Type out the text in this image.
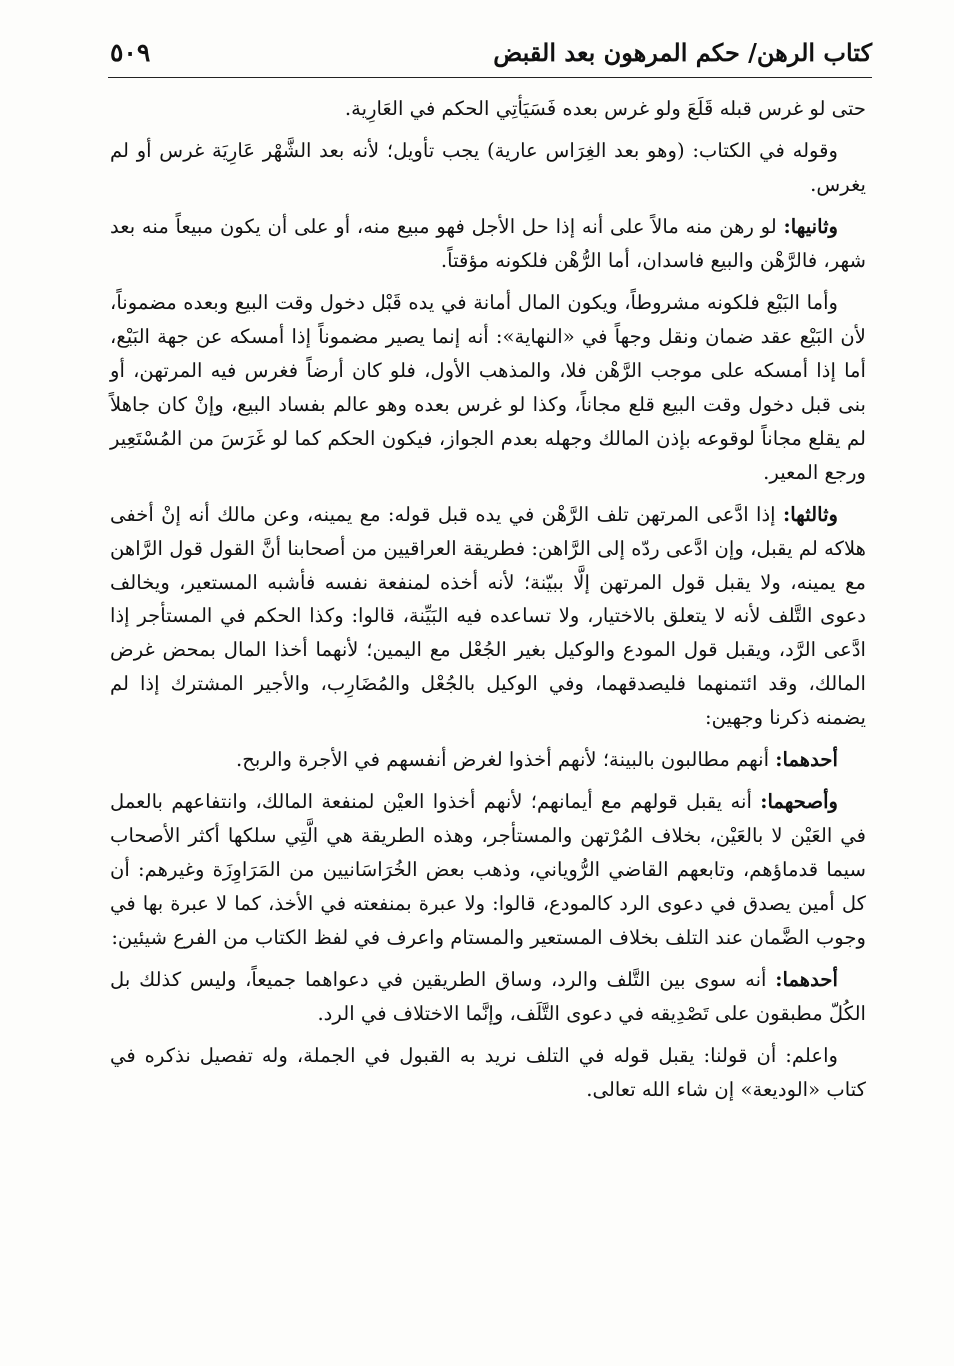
كتاب الرهن/ حكم المرهون بعد القبض
٥٠٩

حتى لو غرس قبله قَلَعَ ولو غرس بعده فَسَيَأتِي الحكم في العَارِية.

وقوله في الكتاب: (وهو بعد الغِرَاس عارية) يجب تأويل؛ لأنه بعد الشَّهْر عَارِيَة غرس أو لم يغرس.

وثانيها: لو رهن منه مالاً على أنه إذا حل الأجل فهو مبيع منه، أو على أن يكون مبيعاً منه بعد شهر، فالرَّهْن والبيع فاسدان، أما الرُّهْن فلكونه مؤقتاً.

وأما البَيْع فلكونه مشروطاً، ويكون المال أمانة في يده قَبْل دخول وقت البيع وبعده مضموناً، لأن البَيْع عقد ضمان ونقل وجهاً في «النهاية»: أنه إنما يصير مضموناً إذا أمسكه عن جهة البَيْع، أما إذا أمسكه على موجب الرَّهْن فلا، والمذهب الأول، فلو كان أرضاً فغرس فيه المرتهن، أو بنى قبل دخول وقت البيع قلع مجاناً، وكذا لو غرس بعده وهو عالم بفساد البيع، وإنْ كان جاهلاً لم يقلع مجاناً لوقوعه بإذن المالك وجهله بعدم الجواز، فيكون الحكم كما لو غَرَسَ من المُسْتَعِير ورجع المعير.

وثالثها: إذا ادَّعى المرتهن تلف الرَّهْن في يده قبل قوله: مع يمينه، وعن مالك أنه إنْ أخفى هلاكه لم يقبل، وإن ادَّعى ردّه إلى الرَّاهن: فطريقة العراقيين من أصحابنا أنَّ القول قول الرَّاهن مع يمينه، ولا يقبل قول المرتهن إلَّا ببيّنة؛ لأنه أخذه لمنفعة نفسه فأشبه المستعير، ويخالف دعوى التَّلف لأنه لا يتعلق بالاختيار، ولا تساعده فيه البَيِّنة، قالوا: وكذا الحكم في المستأجر إذا ادَّعى الرَّد، ويقبل قول المودع والوكيل بغير الجُعْل مع اليمين؛ لأنهما أخذا المال بمحض غرض المالك، وقد ائتمنهما فليصدقهما، وفي الوكيل بالجُعْل والمُضَارِب، والأجير المشترك إذا لم يضمنه ذكرنا وجهين:

أحدهما: أنهم مطالبون بالبينة؛ لأنهم أخذوا لغرض أنفسهم في الأجرة والربح.

وأصحهما: أنه يقبل قولهم مع أيمانهم؛ لأنهم أخذوا العيْن لمنفعة المالك، وانتفاعهم بالعمل في العَيْن لا بالعَيْن، بخلاف المُرْتهن والمستأجر، وهذه الطريقة هي الَّتِي سلكها أكثر الأصحاب سيما قدماؤهم، وتابعهم القاضي الرُّوياني، وذهب بعض الخُرَاسَانيين من المَرَاوِزَة وغيرهم: أن كل أمين يصدق في دعوى الرد كالمودع، قالوا: ولا عبرة بمنفعته في الأخذ، كما لا عبرة بها في وجوب الضَّمان عند التلف بخلاف المستعير والمستام واعرف في لفظ الكتاب من الفرع شيئين:

أحدهما: أنه سوى بين التَّلف والرد، وساق الطريقين في دعواهما جميعاً، وليس كذلك بل الكُلّ مطبقون على تَصْدِيقه في دعوى التَّلَف، وإنَّما الاختلاف في الرد.

واعلم: أن قولنا: يقبل قوله في التلف نريد به القبول في الجملة، وله تفصيل نذكره في كتاب «الوديعة» إن شاء الله تعالى.
